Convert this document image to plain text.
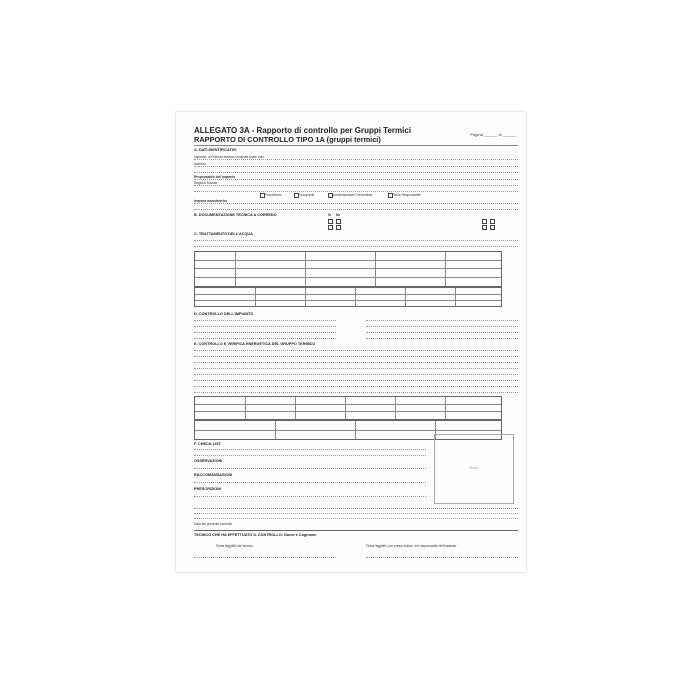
ALLEGATO 3A - Rapporto di controllo per Gruppi Termici
RAPPORTO DI CONTROLLO TIPO 1A (gruppi termici)
Pagina ______ di ______
A. DATI IDENTIFICATIVI
Impianto: di Potenza termica nominale totale max
Indirizzo
Responsabile dell'impianto
Ragione Sociale
Proprietario	Occupante	Amministratore Condominio	Terzo Responsabile
Impresa manutentrice
B. DOCUMENTAZIONE TECNICA A CORREDO	Si No
C. TRATTAMENTO DELL'ACQUA
D. CONTROLLO DELL'IMPIANTO
E. CONTROLLO E VERIFICA ENERGETICA DEL GRUPPO TERMICO
F. CHECK-LIST
OSSERVAZIONI
RACCOMANDAZIONI
PRESCRIZIONI
Bollo
Data del presente controllo
TECNICO CHE HA EFFETTUATO IL CONTROLLO: Nome e Cognome
Firma leggibile del tecnico	Firma leggibile, per presa visione, del responsabile dell'impianto
